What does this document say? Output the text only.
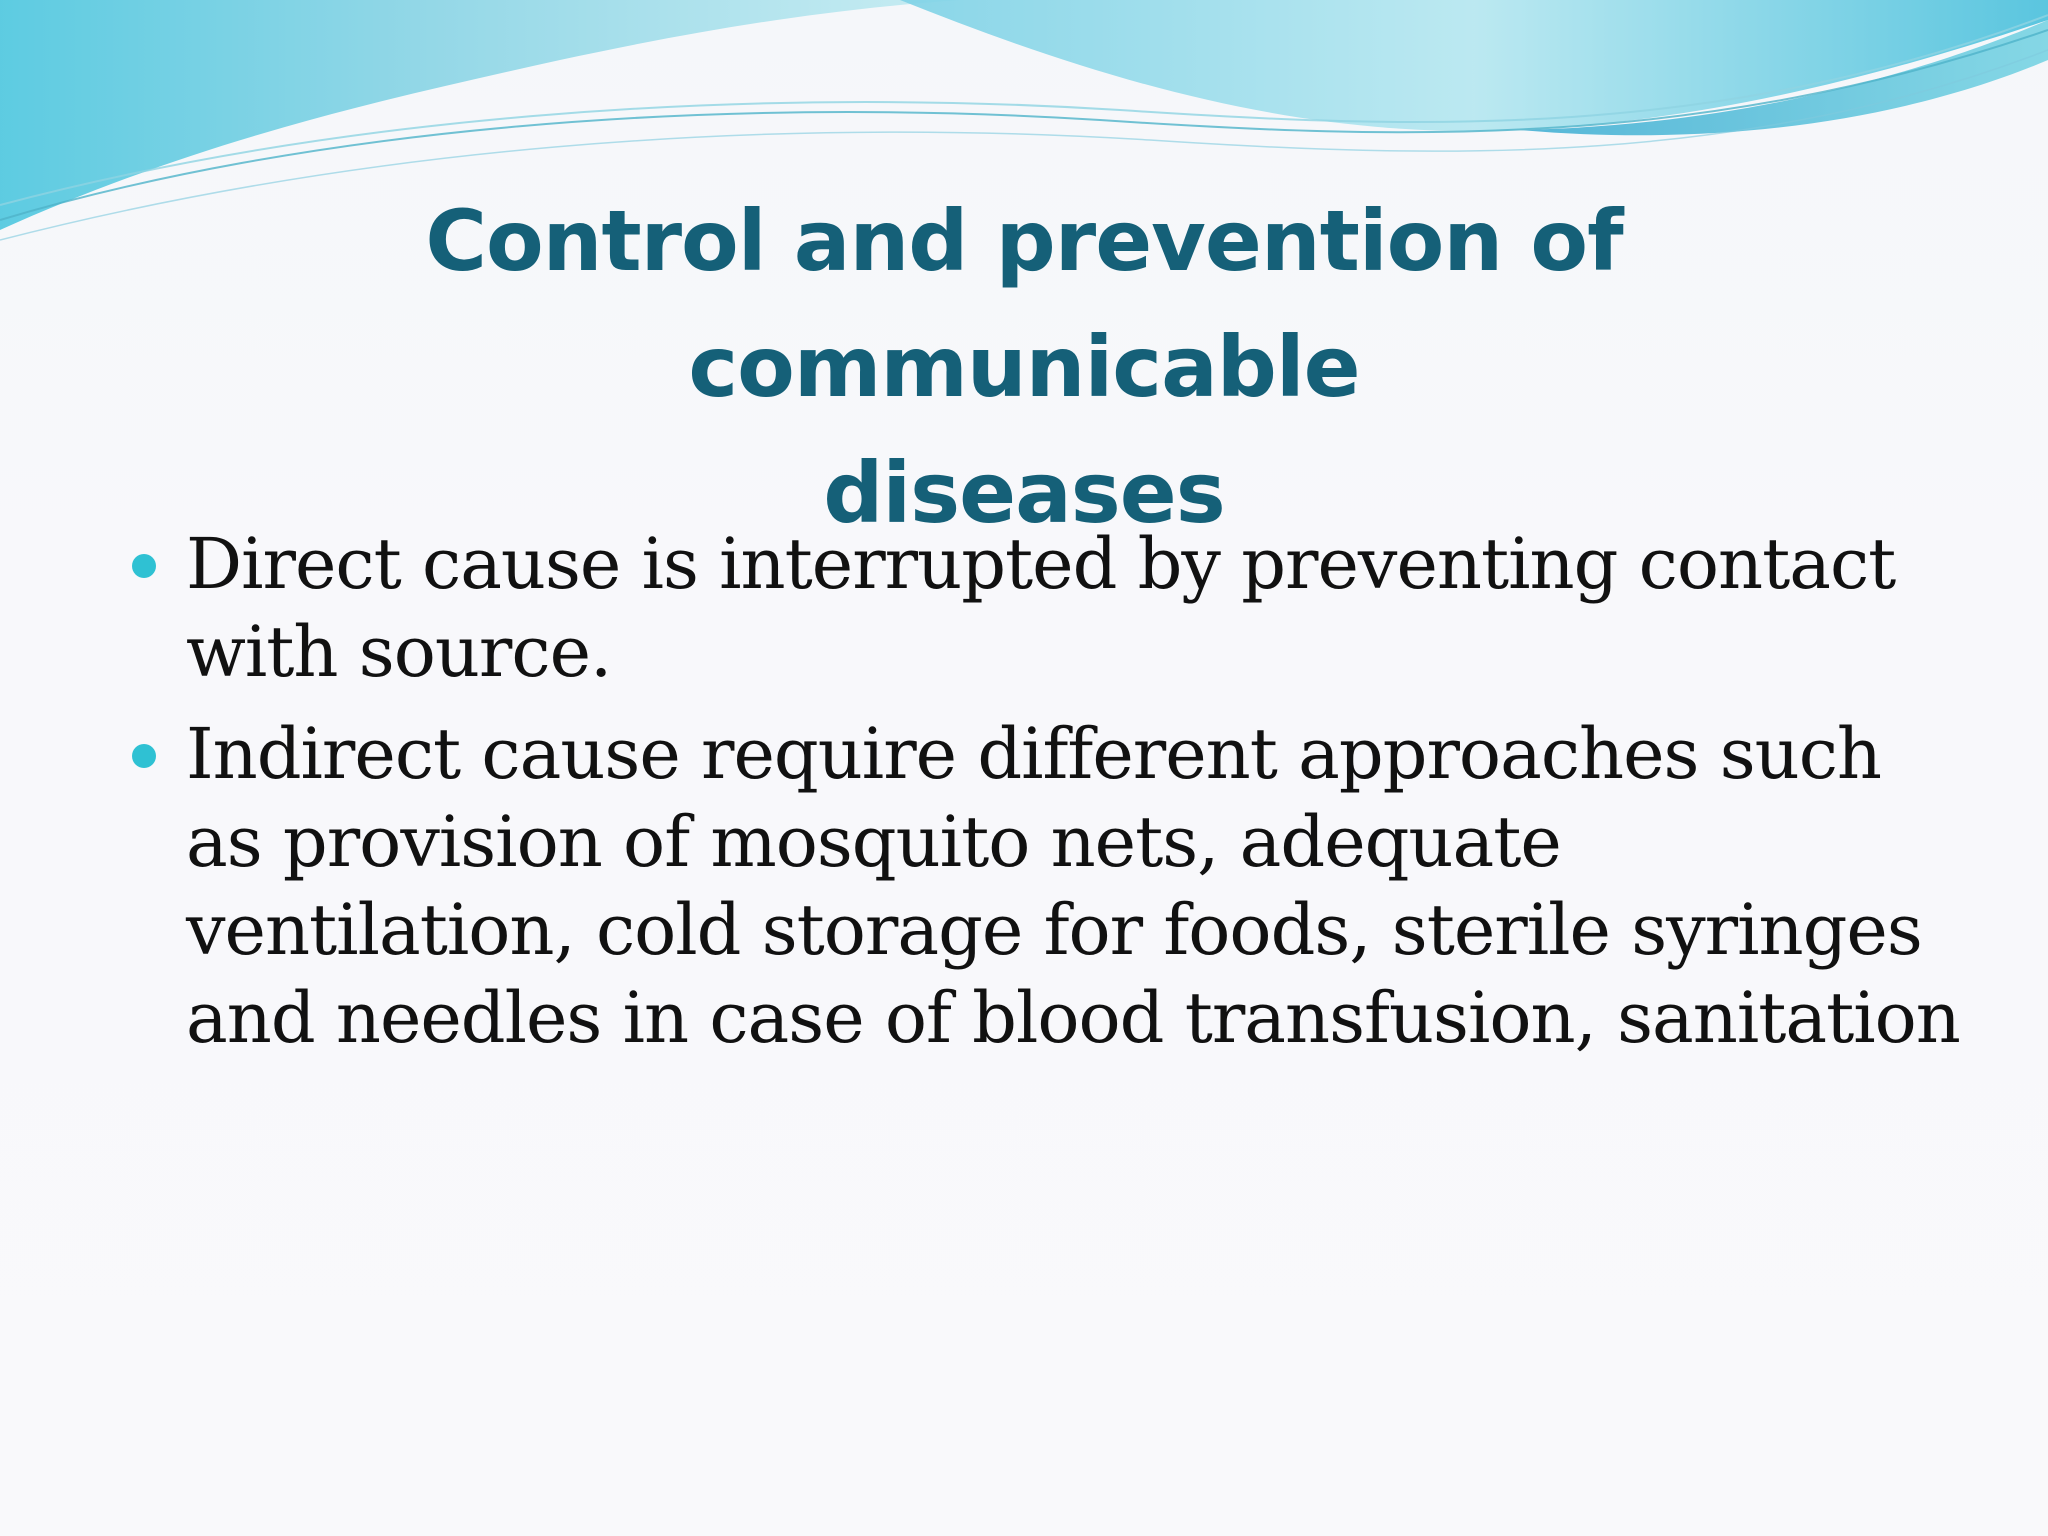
Control and prevention of communicable
diseases
Direct cause is interrupted by preventing contact with source.
Indirect cause require different approaches such as provision of mosquito nets, adequate ventilation, cold storage for foods, sterile syringes and needles in case of blood transfusion, sanitation
